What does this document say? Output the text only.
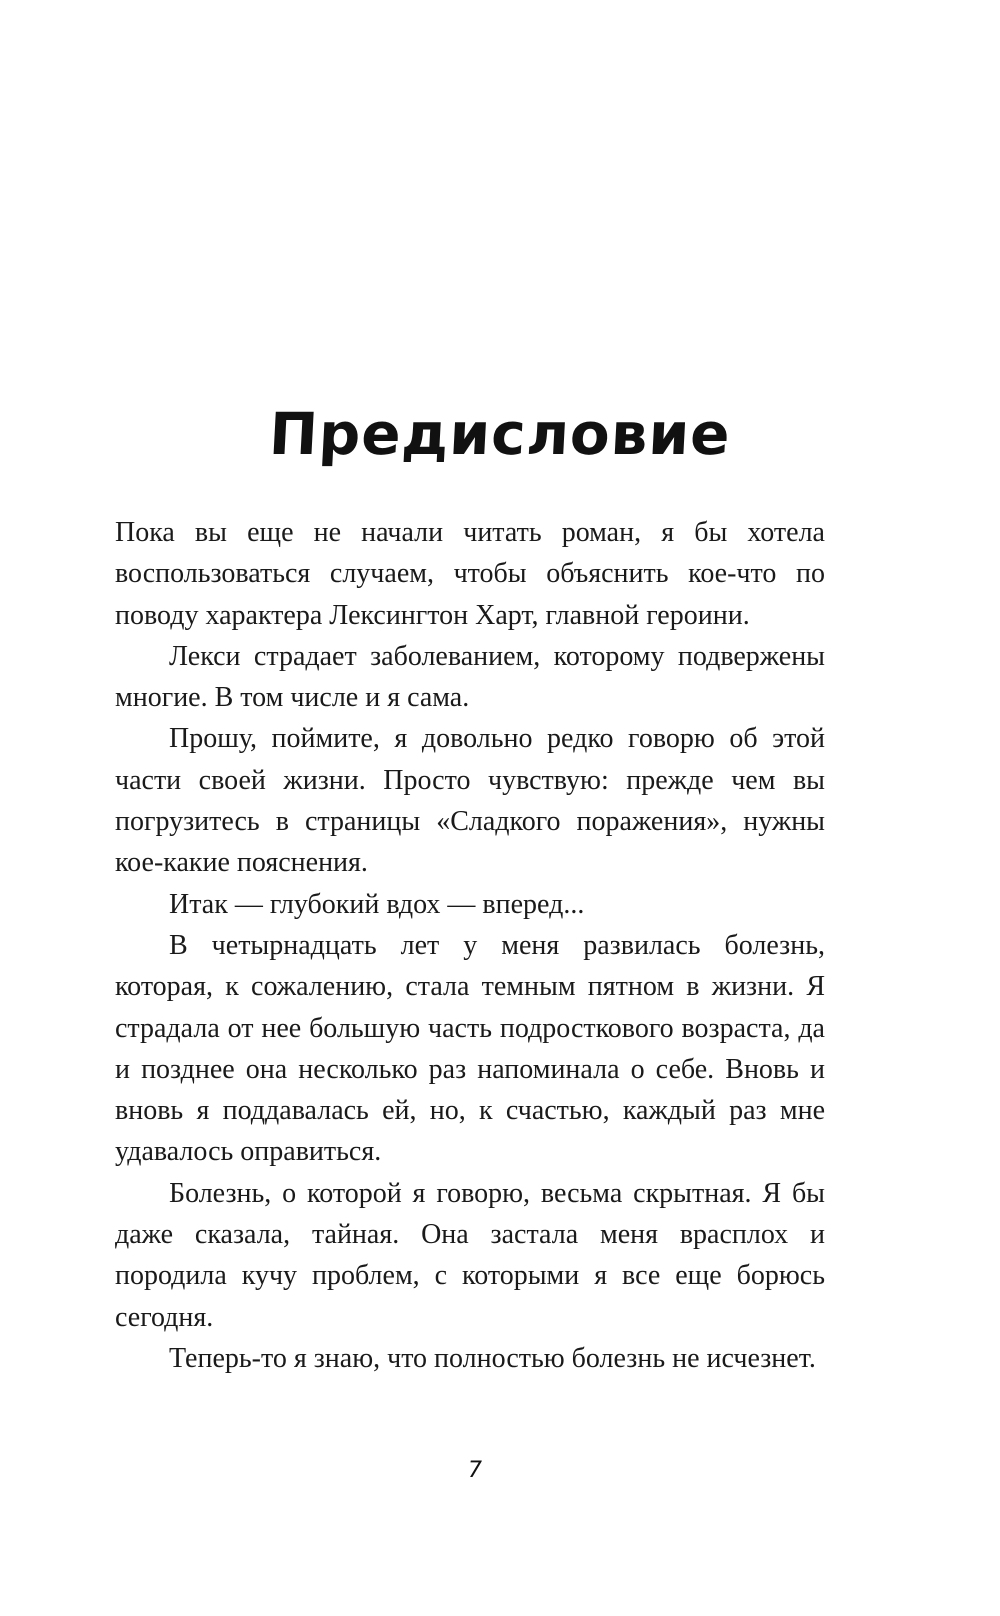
Предисловие

Пока вы еще не начали читать роман, я бы хотела воспользоваться случаем, чтобы объяснить кое-что по поводу характера Лексингтон Харт, главной героини.

Лекси страдает заболеванием, которому подвержены многие. В том числе и я сама.

Прошу, поймите, я довольно редко говорю об этой части своей жизни. Просто чувствую: прежде чем вы погрузитесь в страницы «Сладкого поражения», нужны кое-какие пояснения.

Итак — глубокий вдох — вперед...

В четырнадцать лет у меня развилась болезнь, которая, к сожалению, стала темным пятном в жизни. Я страдала от нее большую часть подросткового возраста, да и позднее она несколько раз напоминала о себе. Вновь и вновь я поддавалась ей, но, к счастью, каждый раз мне удавалось оправиться.

Болезнь, о которой я говорю, весьма скрытная. Я бы даже сказала, тайная. Она застала меня врасплох и породила кучу проблем, с которыми я все еще борюсь сегодня.

Теперь-то я знаю, что полностью болезнь не исчезнет.

7
